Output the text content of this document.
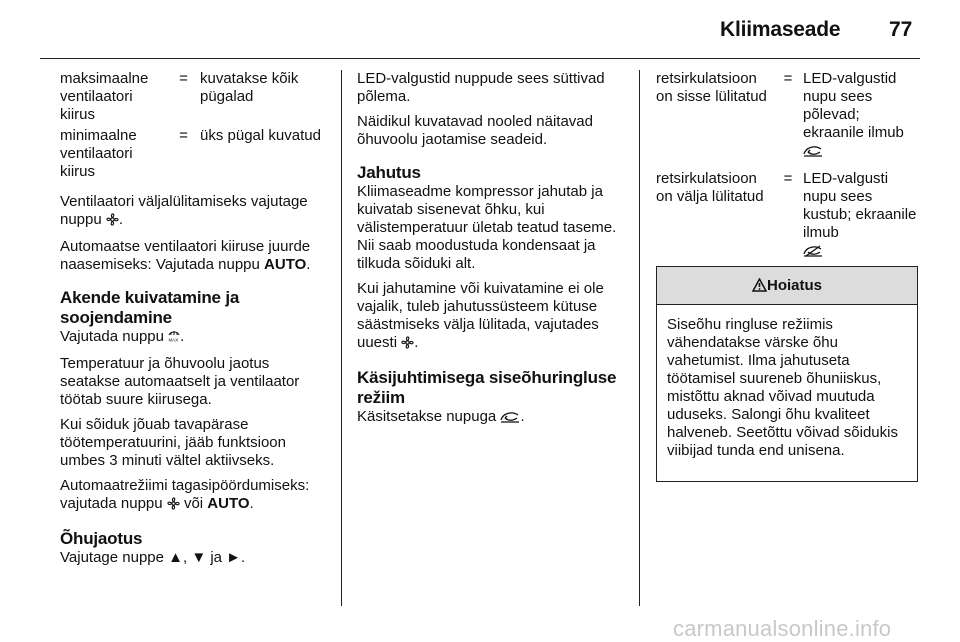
Kliimaseade 77
maksimaalne ventilaatori kiirus
= kuvatakse kõik pügalad
minimaalne ventilaatori kiirus
= üks pügal kuvatud

Ventilaatori väljalülitamiseks vajutage nuppu .

Automaatse ventilaatori kiiruse juurde naasemiseks: Vajutada nuppu AUTO.

Akende kuivatamine ja soojendamine

Vajutada nuppu MAX .

Temperatuur ja õhuvoolu jaotus seatakse automaatselt ja ventilaator töötab suure kiirusega.

Kui sõiduk jõuab tavapärase töötemperatuurini, jääb funktsioon umbes 3 minuti vältel aktiivseks.

Automaatrežiimi tagasipöördumiseks: vajutada nuppu või AUTO.

Õhujaotus

Vajutage nuppe ▲, ▼ ja ►.

LED-valgustid nuppude sees süttivad põlema.

Näidikul kuvatavad nooled näitavad õhuvoolu jaotamise seadeid.

Jahutus

Kliimaseadme kompressor jahutab ja kuivatab sisenevat õhku, kui välistemperatuur ületab teatud taseme. Nii saab moodustuda kondensaat ja tilkuda sõiduki alt.

Kui jahutamine või kuivatamine ei ole vajalik, tuleb jahutussüsteem kütuse säästmiseks välja lülitada, vajutades uuesti .

Käsijuhtimisega siseõhuringluse režiim

Käsitsetakse nupuga .

retsirkulatsioon on sisse lülitatud
= LED-valgustid nupu sees põlevad; ekraanile ilmub

retsirkulatsioon on välja lülitatud
= LED-valgusti nupu sees kustub; ekraanile ilmub

Hoiatus
Siseõhu ringluse režiimis vähendatakse värske õhu vahetumist. Ilma jahutuseta töötamisel suureneb õhuniiskus, mistõttu aknad võivad muutuda uduseks. Salongi õhu kvaliteet halveneb. Seetõttu võivad sõidukis viibijad tunda end unisena.
carmanualsonline.info
